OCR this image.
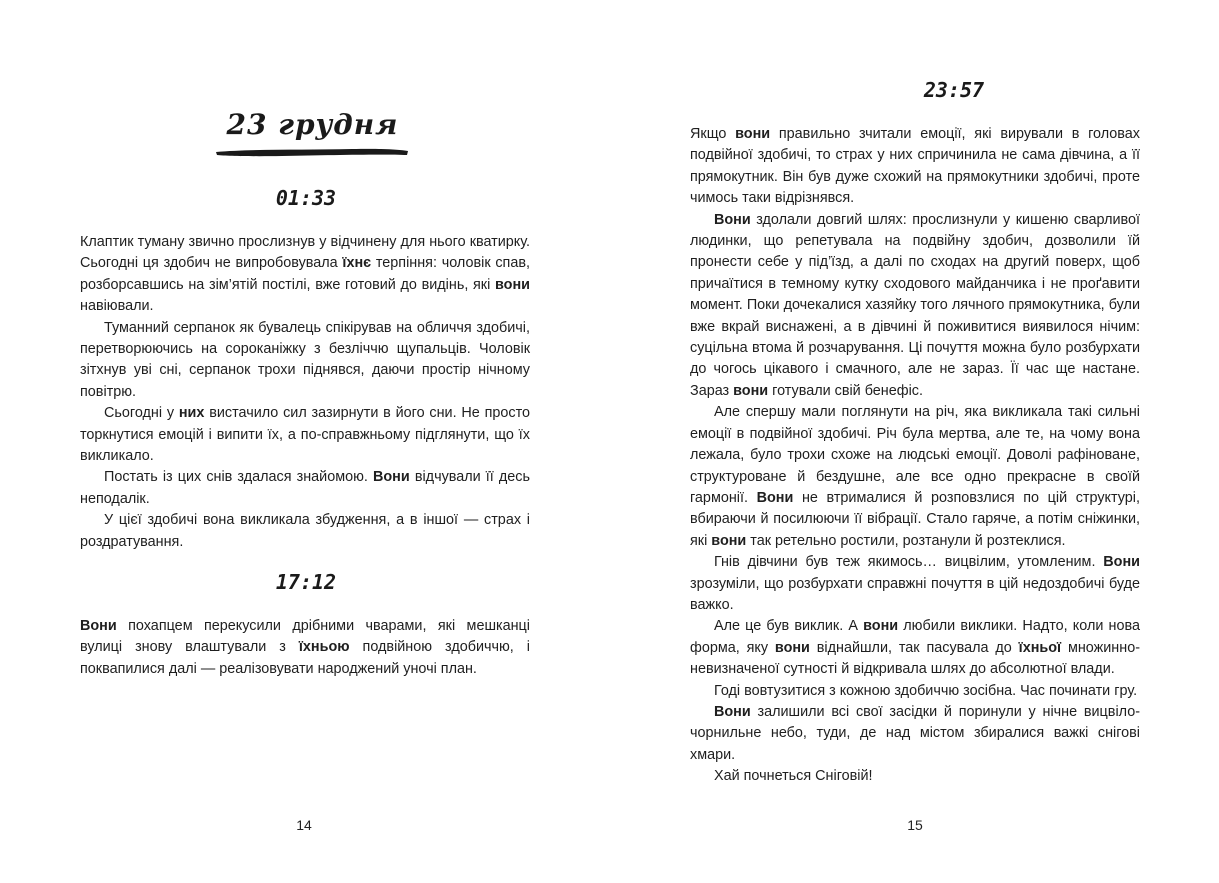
23 грудня
01:33

Клаптик туману звично прослизнув у відчинену для нього кватирку. Сьогодні ця здобич не випробовувала їхнє терпіння: чоловік спав, розборсавшись на зім’ятій постілі, вже готовий до видінь, які вони навіювали.

Туманний серпанок як бувалець спікірував на обличчя здобичі, перетворюючись на сороканіжку з безліччю щупальців. Чоловік зітхнув уві сні, серпанок трохи піднявся, даючи простір нічному повітрю.

Сьогодні у них вистачило сил зазирнути в його сни. Не просто торкнутися емоцій і випити їх, а по-справжньому підглянути, що їх викликало.

Постать із цих снів здалася знайомою. Вони відчували її десь неподалік.

У цієї здобичі вона викликала збудження, а в іншої — страх і роздратування.

17:12

Вони похапцем перекусили дрібними чварами, які мешканці вулиці знову влаштували з їхньою подвійною здобиччю, і поквапилися далі — реалізовувати народжений уночі план.

14
23:57

Якщо вони правильно зчитали емоції, які вирували в головах подвійної здобичі, то страх у них спричинила не сама дівчина, а її прямокутник. Він був дуже схожий на прямокутники здобичі, проте чимось таки відрізнявся.

Вони здолали довгий шлях: прослизнули у кишеню сварливої людинки, що репетувала на подвійну здобич, дозволили їй пронести себе у під’їзд, а далі по сходах на другий поверх, щоб причаїтися в темному кутку сходового майданчика і не проґавити момент. Поки дочекалися хазяйку того лячного прямокутника, були вже вкрай виснажені, а в дівчині й поживитися виявилося нічим: суцільна втома й розчарування. Ці почуття можна було розбурхати до чогось цікавого і смачного, але не зараз. Її час ще настане. Зараз вони готували свій бенефіс.

Але спершу мали поглянути на річ, яка викликала такі сильні емоції в подвійної здобичі. Річ була мертва, але те, на чому вона лежала, було трохи схоже на людські емоції. Доволі рафіноване, структуроване й бездушне, але все одно прекрасне в своїй гармонії. Вони не втрималися й розповзлися по цій структурі, вбираючи й посилюючи її вібрації. Стало гаряче, а потім сніжинки, які вони так ретельно ростили, розтанули й розтеклися.

Гнів дівчини був теж якимось… вицвілим, утомленим. Вони зрозуміли, що розбурхати справжні почуття в цій недоздобичі буде важко.

Але це був виклик. А вони любили виклики. Надто, коли нова форма, яку вони віднайшли, так пасувала до їхньої множинно-невизначеної сутності й відкривала шлях до абсолютної влади.

Годі вовтузитися з кожною здобиччю зосібна. Час починати гру.

Вони залишили всі свої засідки й поринули у нічне вицвіло-чорнильне небо, туди, де над містом збиралися важкі снігові хмари.

Хай почнеться Сніговій!

15
